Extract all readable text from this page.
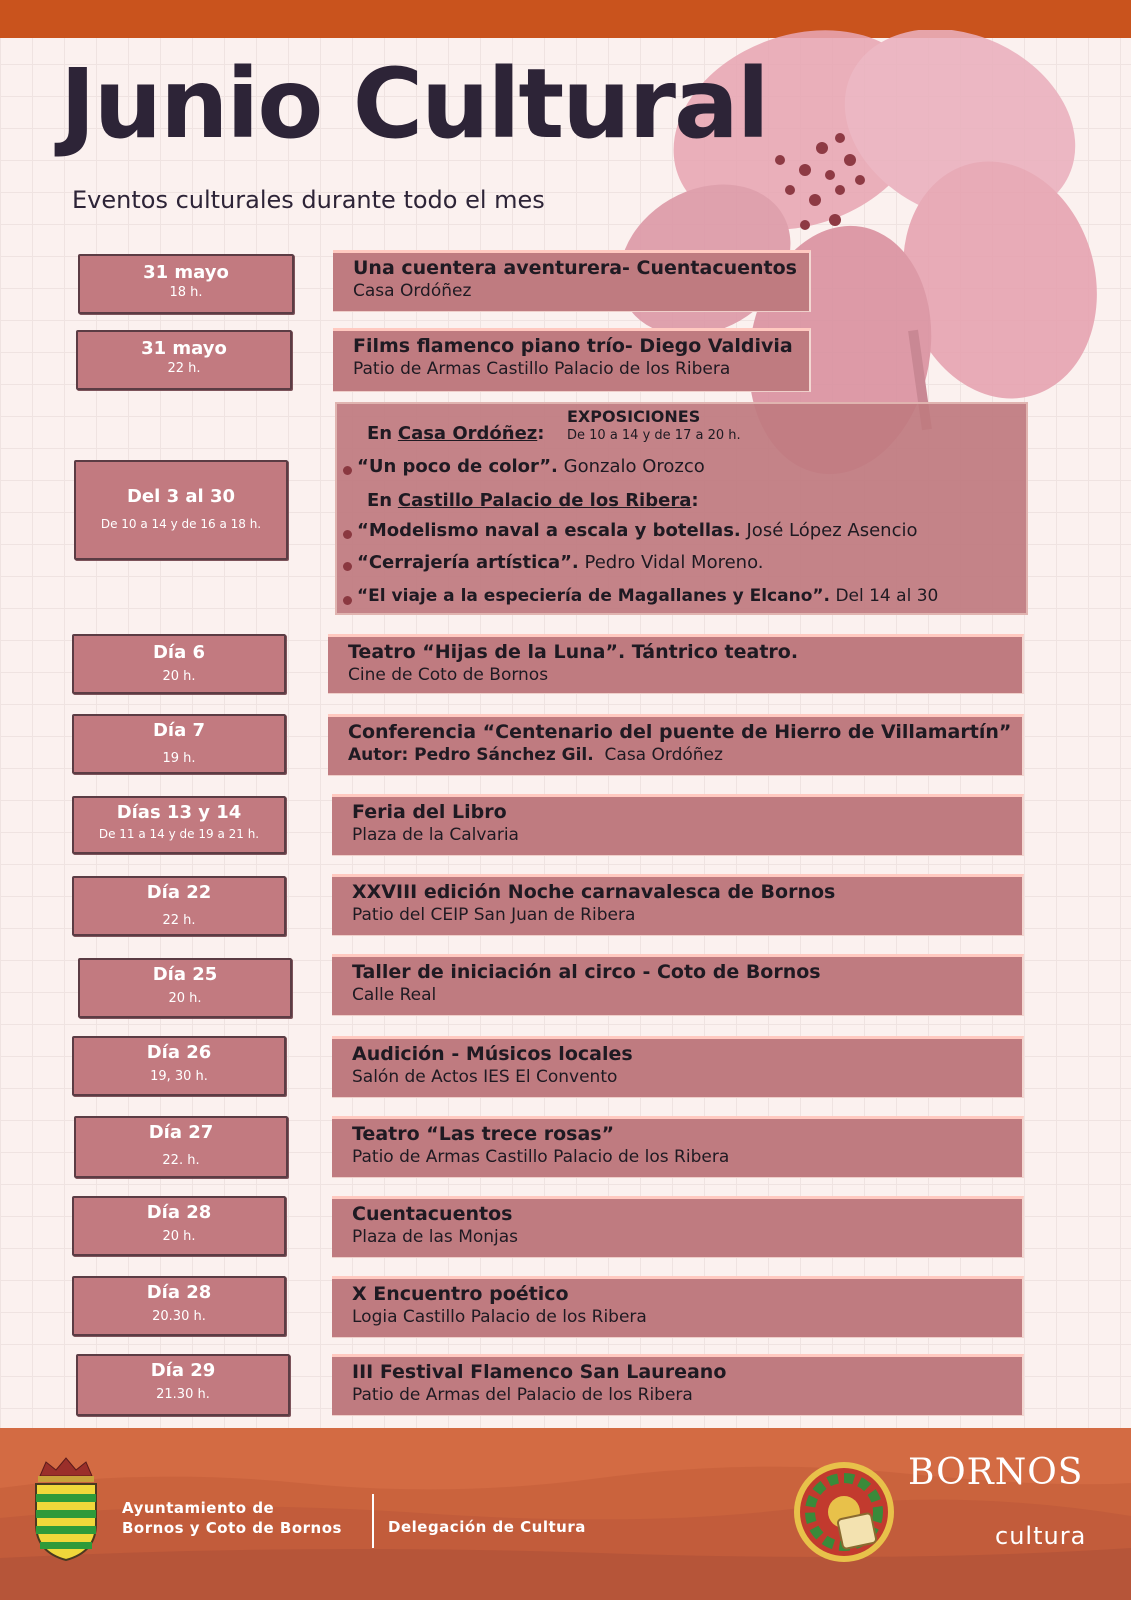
Junio Cultural
Eventos culturales durante todo el mes
31 mayo
18 h.
Una cuentera aventurera- Cuentacuentos
Casa Ordóñez
31 mayo
22 h.
Films flamenco piano trío- Diego Valdivia
Patio de Armas Castillo Palacio de los Ribera
Del 3 al 30
De 10 a 14 y de 16 a 18 h.
EXPOSICIONES
En Casa Ordóñez: De 10 a 14 y de 17 a 20 h.
“Un poco de color”. Gonzalo Orozco
En Castillo Palacio de los Ribera:
“Modelismo naval a escala y botellas. José López Asencio
“Cerrajería artística”. Pedro Vidal Moreno.
“El viaje a la especiería de Magallanes y Elcano”. Del 14 al 30
Día 6
20 h.
Teatro “Hijas de la Luna”. Tántrico teatro.
Cine de Coto de Bornos
Día 7
19 h.
Conferencia “Centenario del puente de Hierro de Villamartín”
Autor: Pedro Sánchez Gil. Casa Ordóñez
Días 13 y 14
De 11 a 14 y de 19 a 21 h.
Feria del Libro
Plaza de la Calvaria
Día 22
22 h.
XXVIII edición Noche carnavalesca de Bornos
Patio del CEIP San Juan de Ribera
Día 25
20 h.
Taller de iniciación al circo - Coto de Bornos
Calle Real
Día 26
19, 30 h.
Audición - Músicos locales
Salón de Actos IES El Convento
Día 27
22. h.
Teatro “Las trece rosas”
Patio de Armas Castillo Palacio de los Ribera
Día 28
20 h.
Cuentacuentos
Plaza de las Monjas
Día 28
20.30 h.
X Encuentro poético
Logia Castillo Palacio de los Ribera
Día 29
21.30 h.
III Festival Flamenco San Laureano
Patio de Armas del Palacio de los Ribera
Ayuntamiento de
Bornos y Coto de Bornos	Delegación de Cultura
BORNOS
cultura
